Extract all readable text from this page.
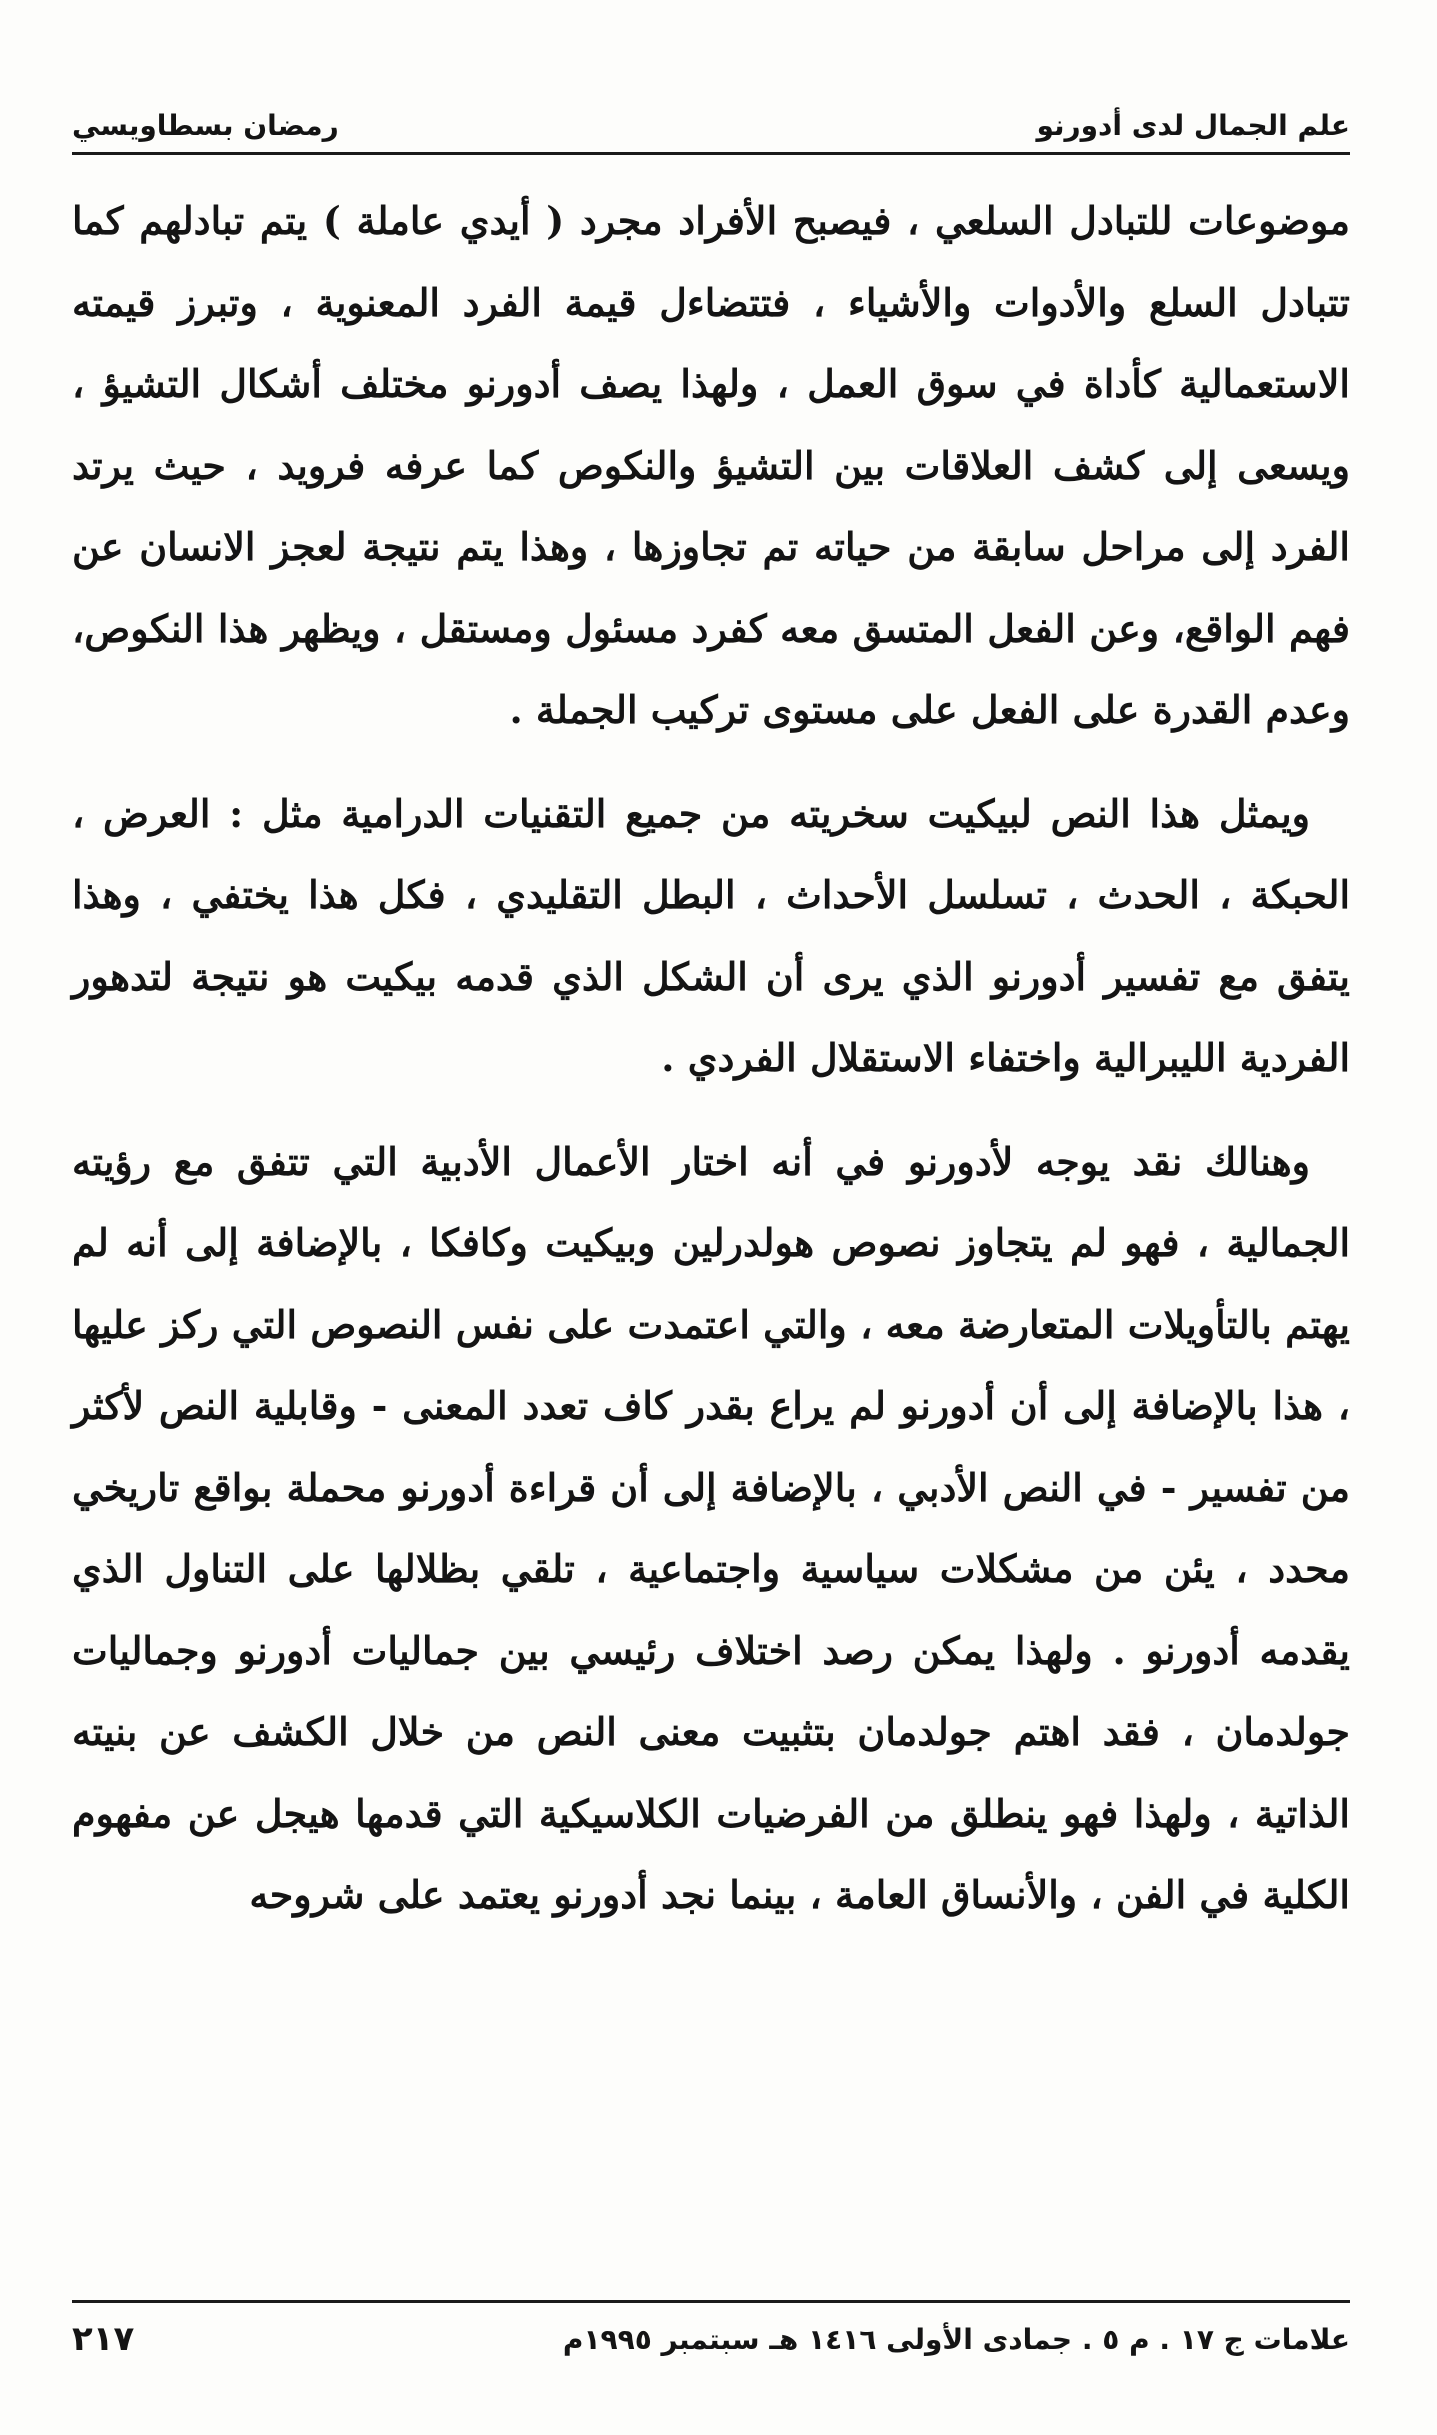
علم الجمال لدى أدورنو
رمضان بسطاويسي

موضوعات للتبادل السلعي ، فيصبح الأفراد مجرد ( أيدي عاملة ) يتم تبادلهم كما تتبادل السلع والأدوات والأشياء ، فتتضاءل قيمة الفرد المعنوية ، وتبرز قيمته الاستعمالية كأداة في سوق العمل ، ولهذا يصف أدورنو مختلف أشكال التشيؤ ، ويسعى إلى كشف العلاقات بين التشيؤ والنكوص كما عرفه فرويد ، حيث يرتد الفرد إلى مراحل سابقة من حياته تم تجاوزها ، وهذا يتم نتيجة لعجز الانسان عن فهم الواقع، وعن الفعل المتسق معه كفرد مسئول ومستقل ، ويظهر هذا النكوص، وعدم القدرة على الفعل على مستوى تركيب الجملة .

ويمثل هذا النص لبيكيت سخريته من جميع التقنيات الدرامية مثل : العرض ، الحبكة ، الحدث ، تسلسل الأحداث ، البطل التقليدي ، فكل هذا يختفي ، وهذا يتفق مع تفسير أدورنو الذي يرى أن الشكل الذي قدمه بيكيت هو نتيجة لتدهور الفردية الليبرالية واختفاء الاستقلال الفردي .

وهنالك نقد يوجه لأدورنو في أنه اختار الأعمال الأدبية التي تتفق مع رؤيته الجمالية ، فهو لم يتجاوز نصوص هولدرلين وبيكيت وكافكا ، بالإضافة إلى أنه لم يهتم بالتأويلات المتعارضة معه ، والتي اعتمدت على نفس النصوص التي ركز عليها ، هذا بالإضافة إلى أن أدورنو لم يراع بقدر كاف تعدد المعنى - وقابلية النص لأكثر من تفسير - في النص الأدبي ، بالإضافة إلى أن قراءة أدورنو محملة بواقع تاريخي محدد ، يئن من مشكلات سياسية واجتماعية ، تلقي بظلالها على التناول الذي يقدمه أدورنو . ولهذا يمكن رصد اختلاف رئيسي بين جماليات أدورنو وجماليات جولدمان ، فقد اهتم جولدمان بتثبيت معنى النص من خلال الكشف عن بنيته الذاتية ، ولهذا فهو ينطلق من الفرضيات الكلاسيكية التي قدمها هيجل عن مفهوم الكلية في الفن ، والأنساق العامة ، بينما نجد أدورنو يعتمد على شروحه

علامات ج ١٧ . م ٥ . جمادى الأولى ١٤١٦ هـ سبتمبر ١٩٩٥م
٢١٧
